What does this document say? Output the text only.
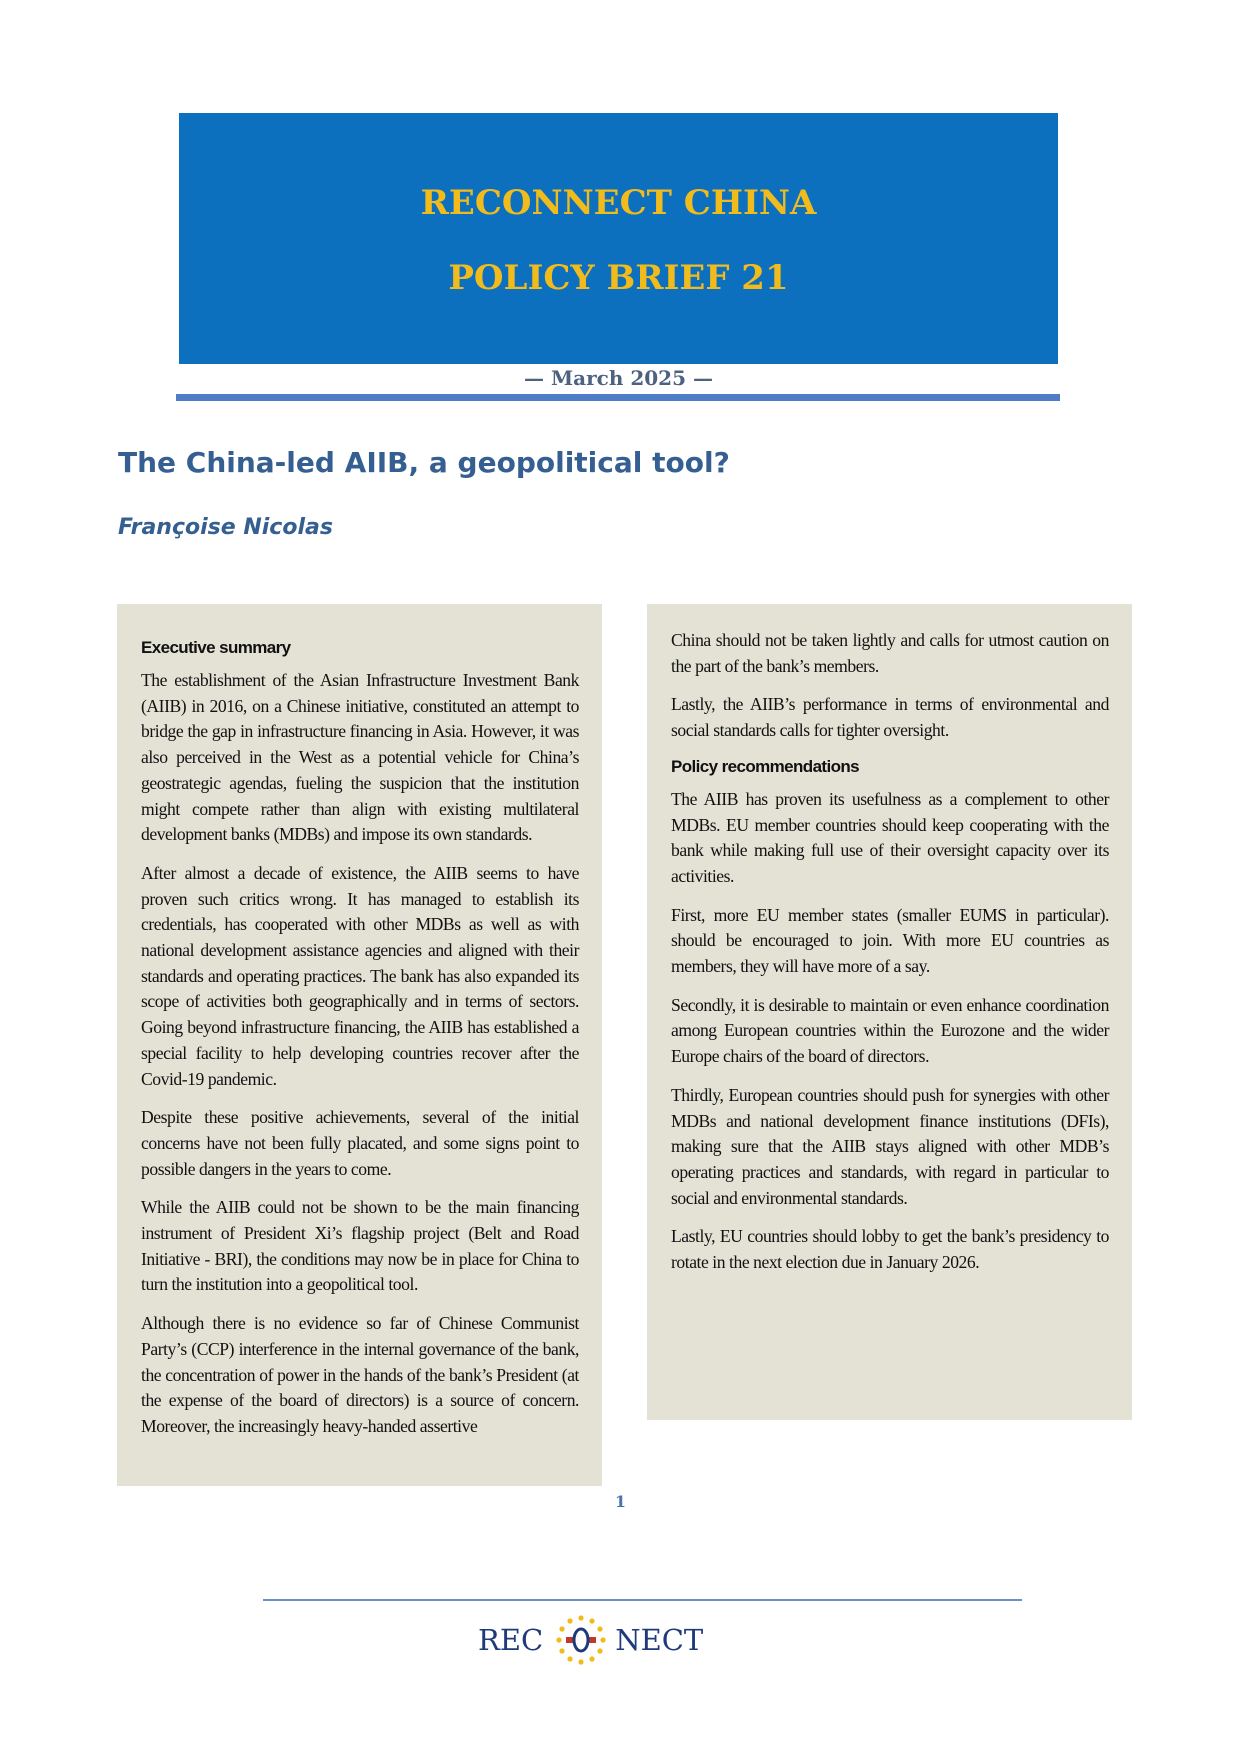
RECONNECT CHINA
POLICY BRIEF 21
— March 2025 —
The China-led AIIB, a geopolitical tool?
Françoise Nicolas
Executive summary

The establishment of the Asian Infrastructure Investment Bank (AIIB) in 2016, on a Chinese initiative, constituted an attempt to bridge the gap in infrastructure financing in Asia. However, it was also perceived in the West as a potential vehicle for China’s geostrategic agendas, fueling the suspicion that the institution might compete rather than align with existing multilateral development banks (MDBs) and impose its own standards.

After almost a decade of existence, the AIIB seems to have proven such critics wrong. It has managed to establish its credentials, has cooperated with other MDBs as well as with national development assistance agencies and aligned with their standards and operating practices. The bank has also expanded its scope of activities both geographically and in terms of sectors. Going beyond infrastructure financing, the AIIB has established a special facility to help developing countries recover after the Covid-19 pandemic.

Despite these positive achievements, several of the initial concerns have not been fully placated, and some signs point to possible dangers in the years to come.

While the AIIB could not be shown to be the main financing instrument of President Xi’s flagship project (Belt and Road Initiative - BRI), the conditions may now be in place for China to turn the institution into a geopolitical tool.

Although there is no evidence so far of Chinese Communist Party’s (CCP) interference in the internal governance of the bank, the concentration of power in the hands of the bank’s President (at the expense of the board of directors) is a source of concern. Moreover, the increasingly heavy-handed assertive

China should not be taken lightly and calls for utmost caution on the part of the bank’s members.

Lastly, the AIIB’s performance in terms of environmental and social standards calls for tighter oversight.

Policy recommendations

The AIIB has proven its usefulness as a complement to other MDBs. EU member countries should keep cooperating with the bank while making full use of their oversight capacity over its activities.

First, more EU member states (smaller EUMS in particular). should be encouraged to join. With more EU countries as members, they will have more of a say.

Secondly, it is desirable to maintain or even enhance coordination among European countries within the Eurozone and the wider Europe chairs of the board of directors.

Thirdly, European countries should push for synergies with other MDBs and national development finance institutions (DFIs), making sure that the AIIB stays aligned with other MDB’s operating practices and standards, with regard in particular to social and environmental standards.

Lastly, EU countries should lobby to get the bank’s presidency to rotate in the next election due in January 2026.

1
REC NECT
